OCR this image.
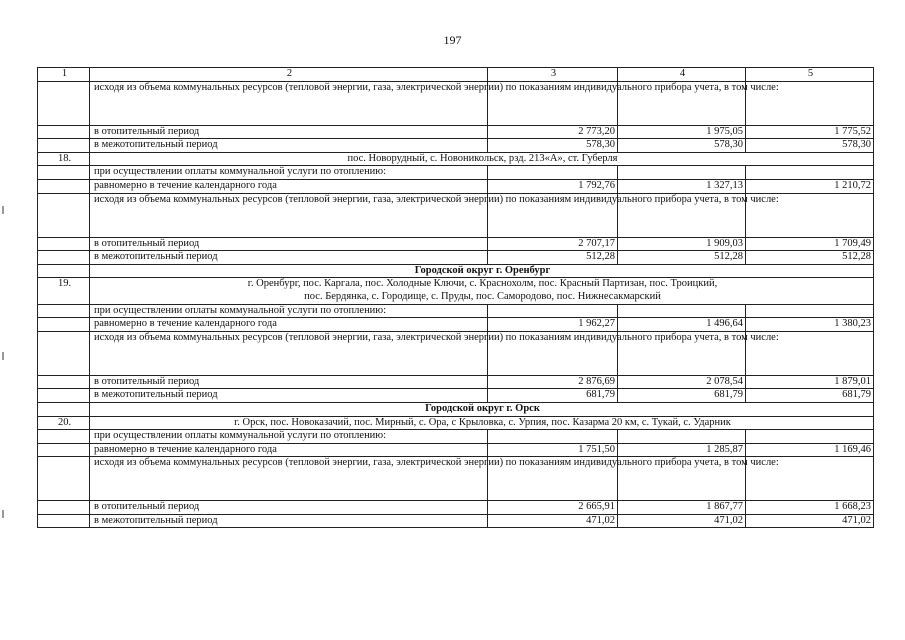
197
1	2	3	4	5
	исходя из объема коммунальных ресурсов (тепловой энергии, газа, электрической энергии) по показаниям индивидуального прибора учета, в том числе:			
	в отопительный период	2 773,20	1 975,05	1 775,52
	в межотопительный период	578,30	578,30	578,30
18.	пос. Новорудный, с. Новоникольск, рзд. 213«А», ст. Губерля			
	при осуществлении оплаты коммунальной услуги по отоплению:			
	равномерно в течение календарного года	1 792,76	1 327,13	1 210,72
	исходя из объема коммунальных ресурсов (тепловой энергии, газа, электрической энергии) по показаниям индивидуального прибора учета, в том числе:			
	в отопительный период	2 707,17	1 909,03	1 709,49
	в межотопительный период	512,28	512,28	512,28
	Городской округ г. Оренбург			
19.	г. Оренбург, пос. Каргала, пос. Холодные Ключи, с. Краснохолм, пос. Красный Партизан, пос. Троицкий,
пос. Бердянка, с. Городище, с. Пруды, пос. Самородово, пос. Нижнесакмарский			

	при осуществлении оплаты коммунальной услуги по отоплению:			
	равномерно в течение календарного года	1 962,27	1 496,64	1 380,23
	исходя из объема коммунальных ресурсов (тепловой энергии, газа, электрической энергии) по показаниям индивидуального прибора учета, в том числе:			
	в отопительный период	2 876,69	2 078,54	1 879,01
	в межотопительный период	681,79	681,79	681,79
	Городской округ г. Орск			
20.	г. Орск, пос. Новоказачий, пос. Мирный, с. Ора, с Крыловка, с. Урпия, пос. Казарма 20 км, с. Тукай, с. Ударник			
	при осуществлении оплаты коммунальной услуги по отоплению:			
	равномерно в течение календарного года	1 751,50	1 285,87	1 169,46
	исходя из объема коммунальных ресурсов (тепловой энергии, газа, электрической энергии) по показаниям индивидуального прибора учета, в том числе:			
	в отопительный период	2 665,91	1 867,77	1 668,23
	в межотопительный период	471,02	471,02	471,02
